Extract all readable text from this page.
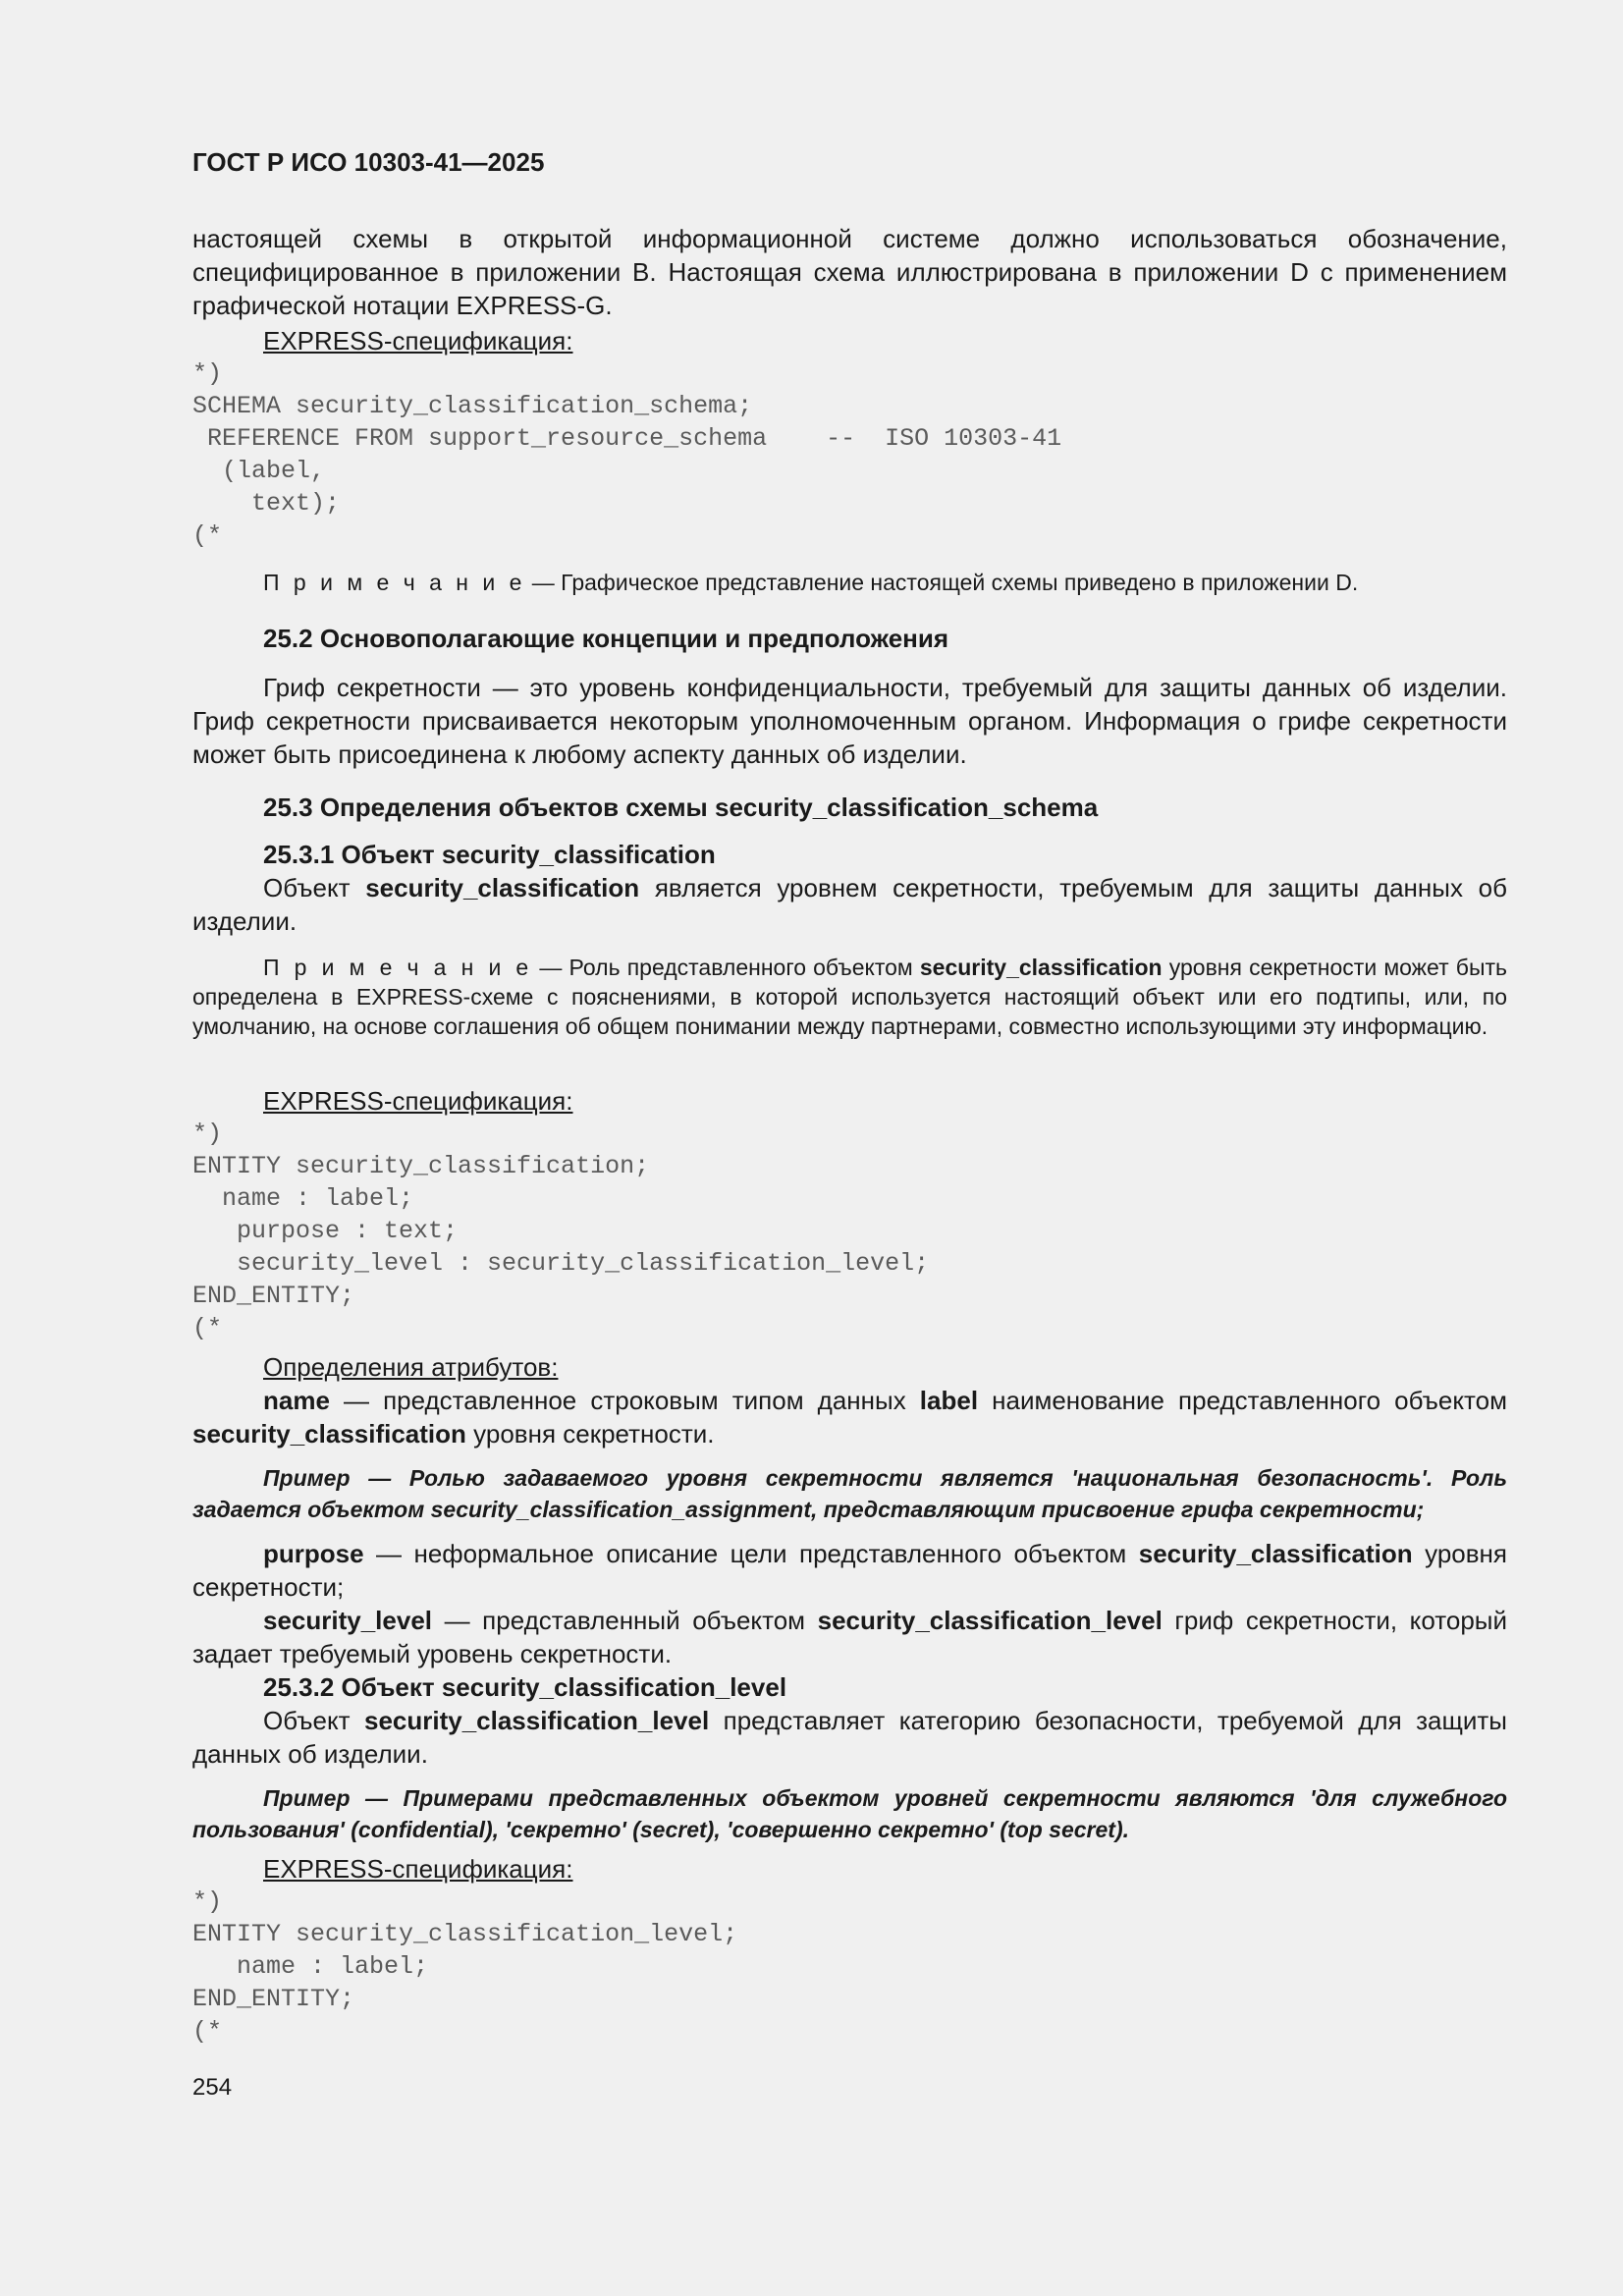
ГОСТ Р ИСО 10303-41—2025

настоящей схемы в открытой информационной системе должно использоваться обозначение, специфицированное в приложении B. Настоящая схема иллюстрирована в приложении D с применением графической нотации EXPRESS-G.

EXPRESS-спецификация:

*)
SCHEMA security_classification_schema;
REFERENCE FROM support_resource_schema    --  ISO 10303-41
(label,
text);
(*

П р и м е ч а н и е — Графическое представление настоящей схемы приведено в приложении D.

25.2 Основополагающие концепции и предположения

Гриф секретности — это уровень конфиденциальности, требуемый для защиты данных об изделии. Гриф секретности присваивается некоторым уполномоченным органом. Информация о грифе секретности может быть присоединена к любому аспекту данных об изделии.

25.3 Определения объектов схемы security_classification_schema

25.3.1 Объект security_classification

Объект security_classification является уровнем секретности, требуемым для защиты данных об изделии.

П р и м е ч а н и е — Роль представленного объектом security_classification уровня секретности может быть определена в EXPRESS-схеме с пояснениями, в которой используется настоящий объект или его подтипы, или, по умолчанию, на основе соглашения об общем понимании между партнерами, совместно использующими эту информацию.

EXPRESS-спецификация:

*)
ENTITY security_classification;
name : label;
purpose : text;
security_level : security_classification_level;
END_ENTITY;
(*

Определения атрибутов:

name — представленное строковым типом данных label наименование представленного объектом security_classification уровня секретности.

Пример — Ролью задаваемого уровня секретности является 'национальная безопасность'. Роль задается объектом security_classification_assignment, представляющим присвоение грифа секретности;

purpose — неформальное описание цели представленного объектом security_classification уровня секретности;

security_level — представленный объектом security_classification_level гриф секретности, который задает требуемый уровень секретности.

25.3.2 Объект security_classification_level

Объект security_classification_level представляет категорию безопасности, требуемой для защиты данных об изделии.

Пример — Примерами представленных объектом уровней секретности являются 'для служебного пользования' (confidential), 'секретно' (secret), 'совершенно секретно' (top secret).

EXPRESS-спецификация:

*)
ENTITY security_classification_level;
name : label;
END_ENTITY;
(*

254
